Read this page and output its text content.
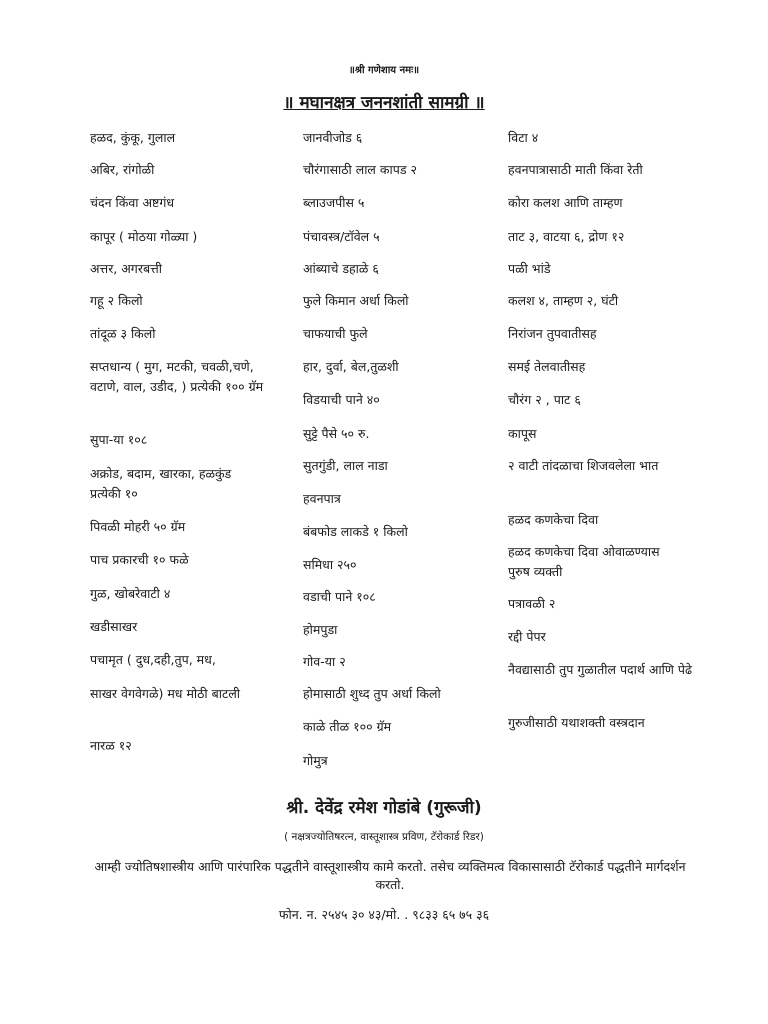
॥श्री गणेशाय नमः॥
॥ मघानक्षत्र जननशांती सामग्री ॥
हळद, कुंकू, गुलाल
अबिर, रांगोळी
चंदन किंवा अष्टगंध
कापूर ( मोठया गोळ्या )
अत्तर, अगरबत्ती
गहू २ किलो
तांदूळ ३ किलो
सप्तधान्य ( मुग, मटकी, चवळी,चणे, वटाणे, वाल, उडीद, ) प्रत्येकी १०० ग्रॅम
सुपा-या १०८
अक्रोड, बदाम, खारका, हळकुंड प्रत्येकी १०
पिवळी मोहरी ५० ग्रॅम
पाच प्रकारची १० फळे
गुळ, खोबरेवाटी ४
खडीसाखर
पचामृत ( दुध,दही,तुप, मध,
साखर वेगवेगळे) मध मोठी बाटली
नारळ १२
जानवीजोड ६
चौरंगासाठी लाल कापड २
ब्लाउजपीस ५
पंचावस्त्र/टॉवेल ५
आंब्याचे डहाळे ६
फुले किमान अर्धा किलो
चाफयाची फुले
हार, दुर्वा, बेल,तुळशी
विडयाची पाने ४०
सुट्टे पैसे ५० रु.
सुतगुंडी, लाल नाडा
हवनपात्र
बंबफोड लाकडे १ किलो
समिधा २५०
वडाची पाने १०८
होमपुडा
गोव-या २
होमासाठी शुध्द तुप अर्धा किलो
काळे तीळ १०० ग्रॅम
गोमुत्र
विटा ४
हवनपात्रासाठी माती किंवा रेती
कोरा कलश आणि ताम्हण
ताट ३, वाटया ६, द्रोण १२
पळी भांडे
कलश ४, ताम्हण २, घंटी
निरांजन तुपवातीसह
समई तेलवातीसह
चौरंग २ , पाट ६
कापूस
२ वाटी तांदळाचा शिजवलेला भात
हळद कणकेचा दिवा
हळद कणकेचा दिवा ओवाळण्यास पुरुष व्यक्ती
पत्रावळी २
रद्दी पेपर
नैवद्यासाठी तुप गुळातील पदार्थ आणि पेढे
गुरुजीसाठी यथाशक्ती वस्त्रदान
श्री. देवेंद्र रमेश गोडांबे (गुरूजी)
( नक्षत्रज्योतिषरत्न, वास्तूशास्त्र प्रविण, टॅरोकार्ड रिडर)
आम्ही ज्योतिषशास्त्रीय आणि पारंपारिक पद्धतीने वास्तूशास्त्रीय कामे करतो. तसेच व्यक्तिमत्व विकासासाठी टॅरोकार्ड पद्धतीने मार्गदर्शन करतो.
फोन. न. २५४५ ३० ४३/मो. . ९८३३ ६५ ७५ ३६
